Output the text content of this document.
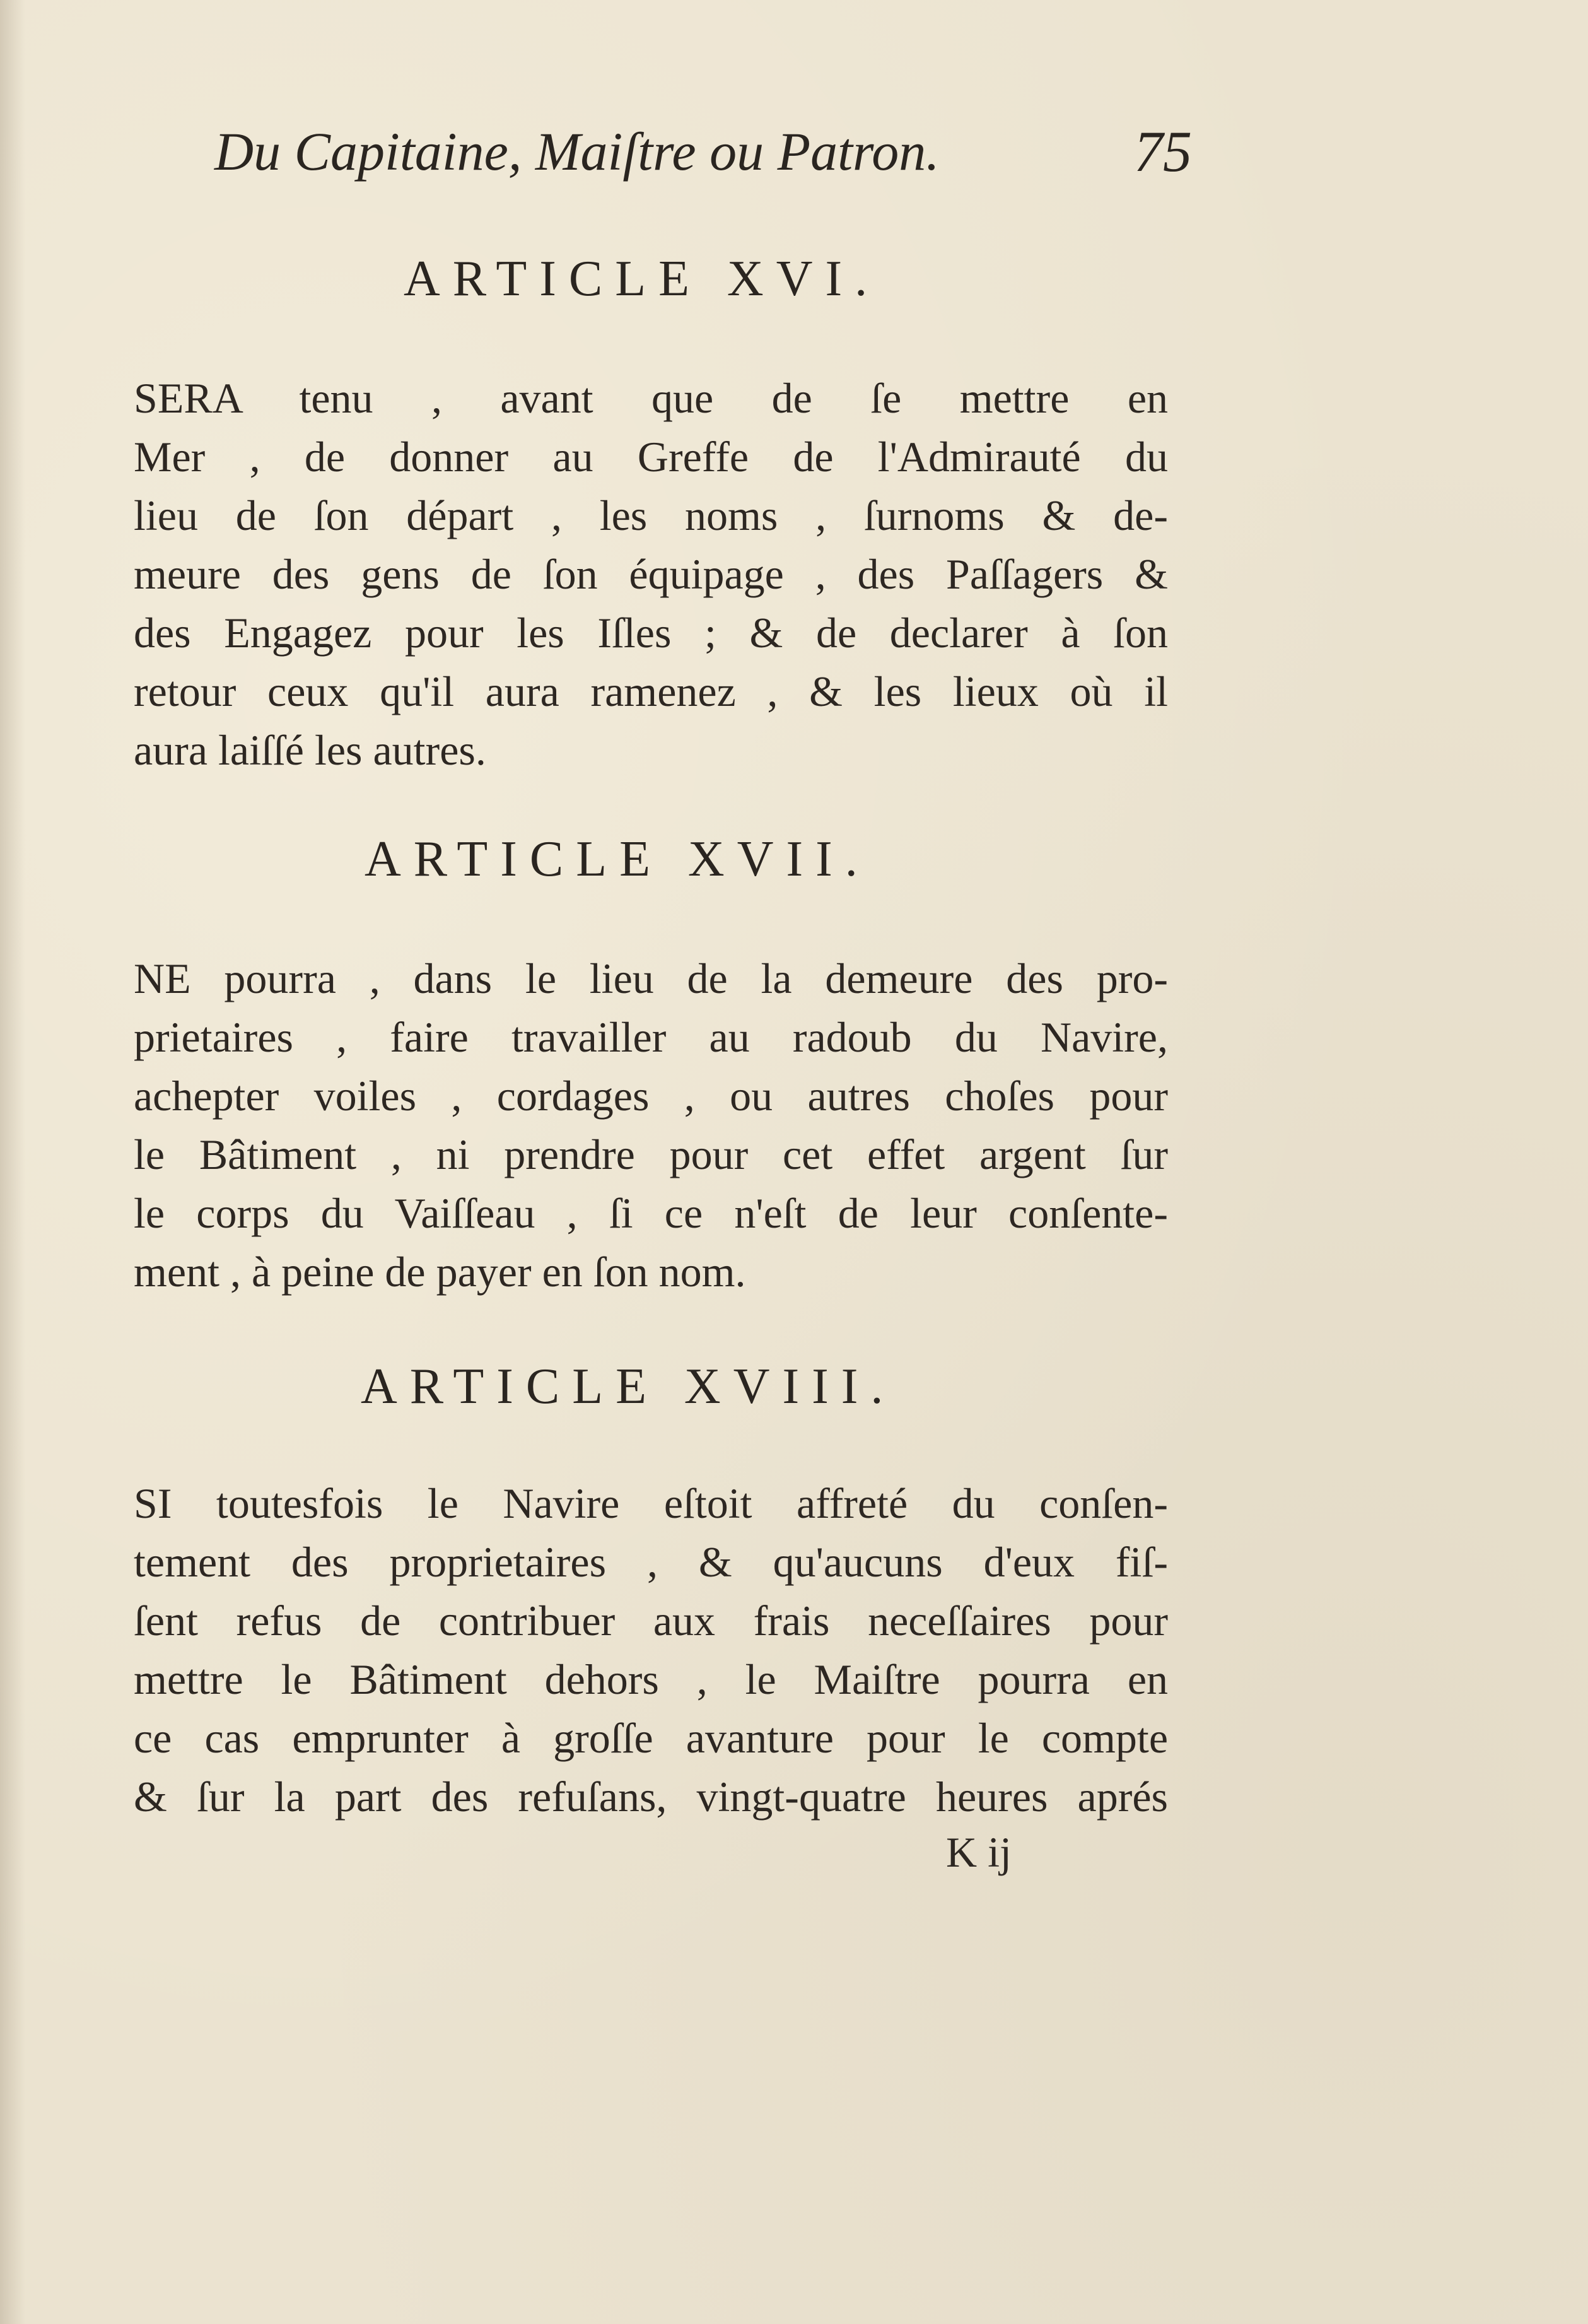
Du Capitaine, Maiſtre ou Patron.	75
ARTICLE XVI.
SERA tenu , avant que de ſe mettre en
Mer , de donner au Greffe de l'Admirauté du
lieu de ſon départ , les noms , ſurnoms & de-
meure des gens de ſon équipage , des Paſſagers &
des Engagez pour les Iſles ; & de declarer à ſon
retour ceux qu'il aura ramenez , & les lieux où il
aura laiſſé les autres.
ARTICLE XVII.
NE pourra , dans le lieu de la demeure des pro-
prietaires , faire travailler au radoub du Navire,
achepter voiles , cordages , ou autres choſes pour
le Bâtiment , ni prendre pour cet effet argent ſur
le corps du Vaiſſeau , ſi ce n'eſt de leur conſente-
ment , à peine de payer en ſon nom.
ARTICLE XVIII.
SI toutesfois le Navire eſtoit affreté du conſen-
tement des proprietaires , & qu'aucuns d'eux fiſ-
ſent refus de contribuer aux frais neceſſaires pour
mettre le Bâtiment dehors , le Maiſtre pourra en
ce cas emprunter à groſſe avanture pour le compte
& ſur la part des refuſans, vingt-quatre heures aprés
K ij
